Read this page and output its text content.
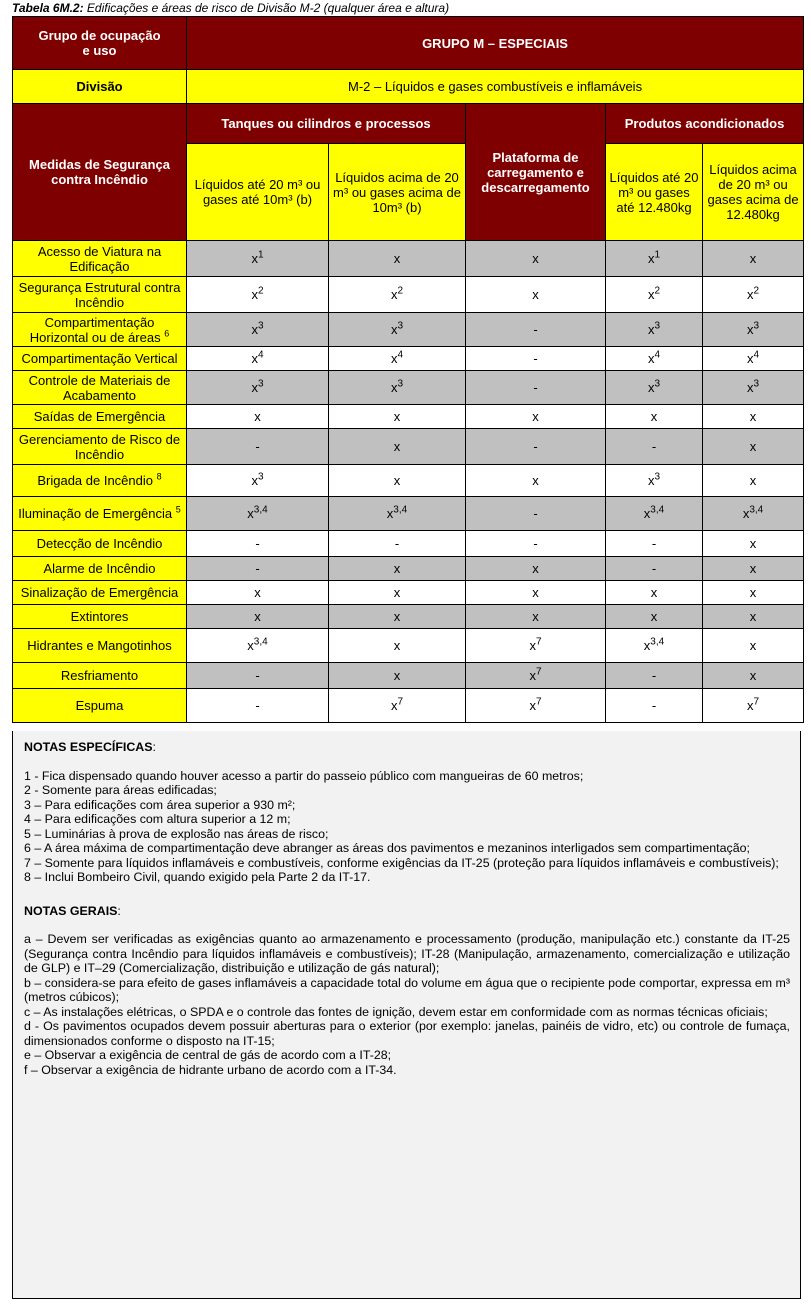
Tabela 6M.2: Edificações e áreas de risco de Divisão M-2 (qualquer área e altura)
Grupo de ocupação
e uso	GRUPO M – ESPECIAIS				
Divisão	M-2 – Líquidos e gases combustíveis e inflamáveis				
Medidas de Segurança contra Incêndio	Tanques ou cilindros e processos		Plataforma de carregamento e descarregamento	Produtos acondicionados	
	Líquidos até 20 m³ ou gases até 10m³ (b)	Líquidos acima de 20 m³ ou gases acima de 10m³ (b)		Líquidos até 20 m³ ou gases até 12.480kg	Líquidos acima de 20 m³ ou gases acima de 12.480kg
Acesso de Viatura na Edificação	$x^1$	x	x	$x^1$	x
Segurança Estrutural contra Incêndio	$x^2$	$x^2$	x	$x^2$	$x^2$
Compartimentação Horizontal ou de áreas $^6$	$x^3$	$x^3$	-	$x^3$	$x^3$
Compartimentação Vertical	$x^4$	$x^4$	-	$x^4$	$x^4$
Controle de Materiais de Acabamento	$x^3$	$x^3$	-	$x^3$	$x^3$
Saídas de Emergência	x	x	x	x	x
Gerenciamento de Risco de Incêndio	-	x	-	-	x
Brigada de Incêndio $^8$	$x^3$	x	x	$x^3$	x
Iluminação de Emergência $^5$	$x^{3,4}$	$x^{3,4}$	-	$x^{3,4}$	$x^{3,4}$
Detecção de Incêndio	-	-	-	-	x
Alarme de Incêndio	-	x	x	-	x
Sinalização de Emergência	x	x	x	x	x
Extintores	x	x	x	x	x
Hidrantes e Mangotinhos	$x^{3,4}$	x	$x^7$	$x^{3,4}$	x
Resfriamento	-	x	$x^7$	-	x
Espuma	-	$x^7$	$x^7$	-	$x^7$
NOTAS ESPECÍFICAS:

1 - Fica dispensado quando houver acesso a partir do passeio público com mangueiras de 60 metros;

2 - Somente para áreas edificadas;

3 – Para edificações com área superior a 930 m²;

4 – Para edificações com altura superior a 12 m;

5 – Luminárias à prova de explosão nas áreas de risco;

6 – A área máxima de compartimentação deve abranger as áreas dos pavimentos e mezaninos interligados sem compartimentação;

7 – Somente para líquidos inflamáveis e combustíveis, conforme exigências da IT-25 (proteção para líquidos inflamáveis e combustíveis);

8 – Inclui Bombeiro Civil, quando exigido pela Parte 2 da IT-17.

NOTAS GERAIS:

a – Devem ser verificadas as exigências quanto ao armazenamento e processamento (produção, manipulação etc.) constante da IT-25 (Segurança contra Incêndio para líquidos inflamáveis e combustíveis); IT-28 (Manipulação, armazenamento, comercialização e utilização de GLP) e IT–29 (Comercialização, distribuição e utilização de gás natural);

b – considera-se para efeito de gases inflamáveis a capacidade total do volume em água que o recipiente pode comportar, expressa em m³ (metros cúbicos);

c – As instalações elétricas, o SPDA e o controle das fontes de ignição, devem estar em conformidade com as normas técnicas oficiais;

d - Os pavimentos ocupados devem possuir aberturas para o exterior (por exemplo: janelas, painéis de vidro, etc) ou controle de fumaça, dimensionados conforme o disposto na IT-15;

e – Observar a exigência de central de gás de acordo com a IT-28;

f – Observar a exigência de hidrante urbano de acordo com a IT-34.
